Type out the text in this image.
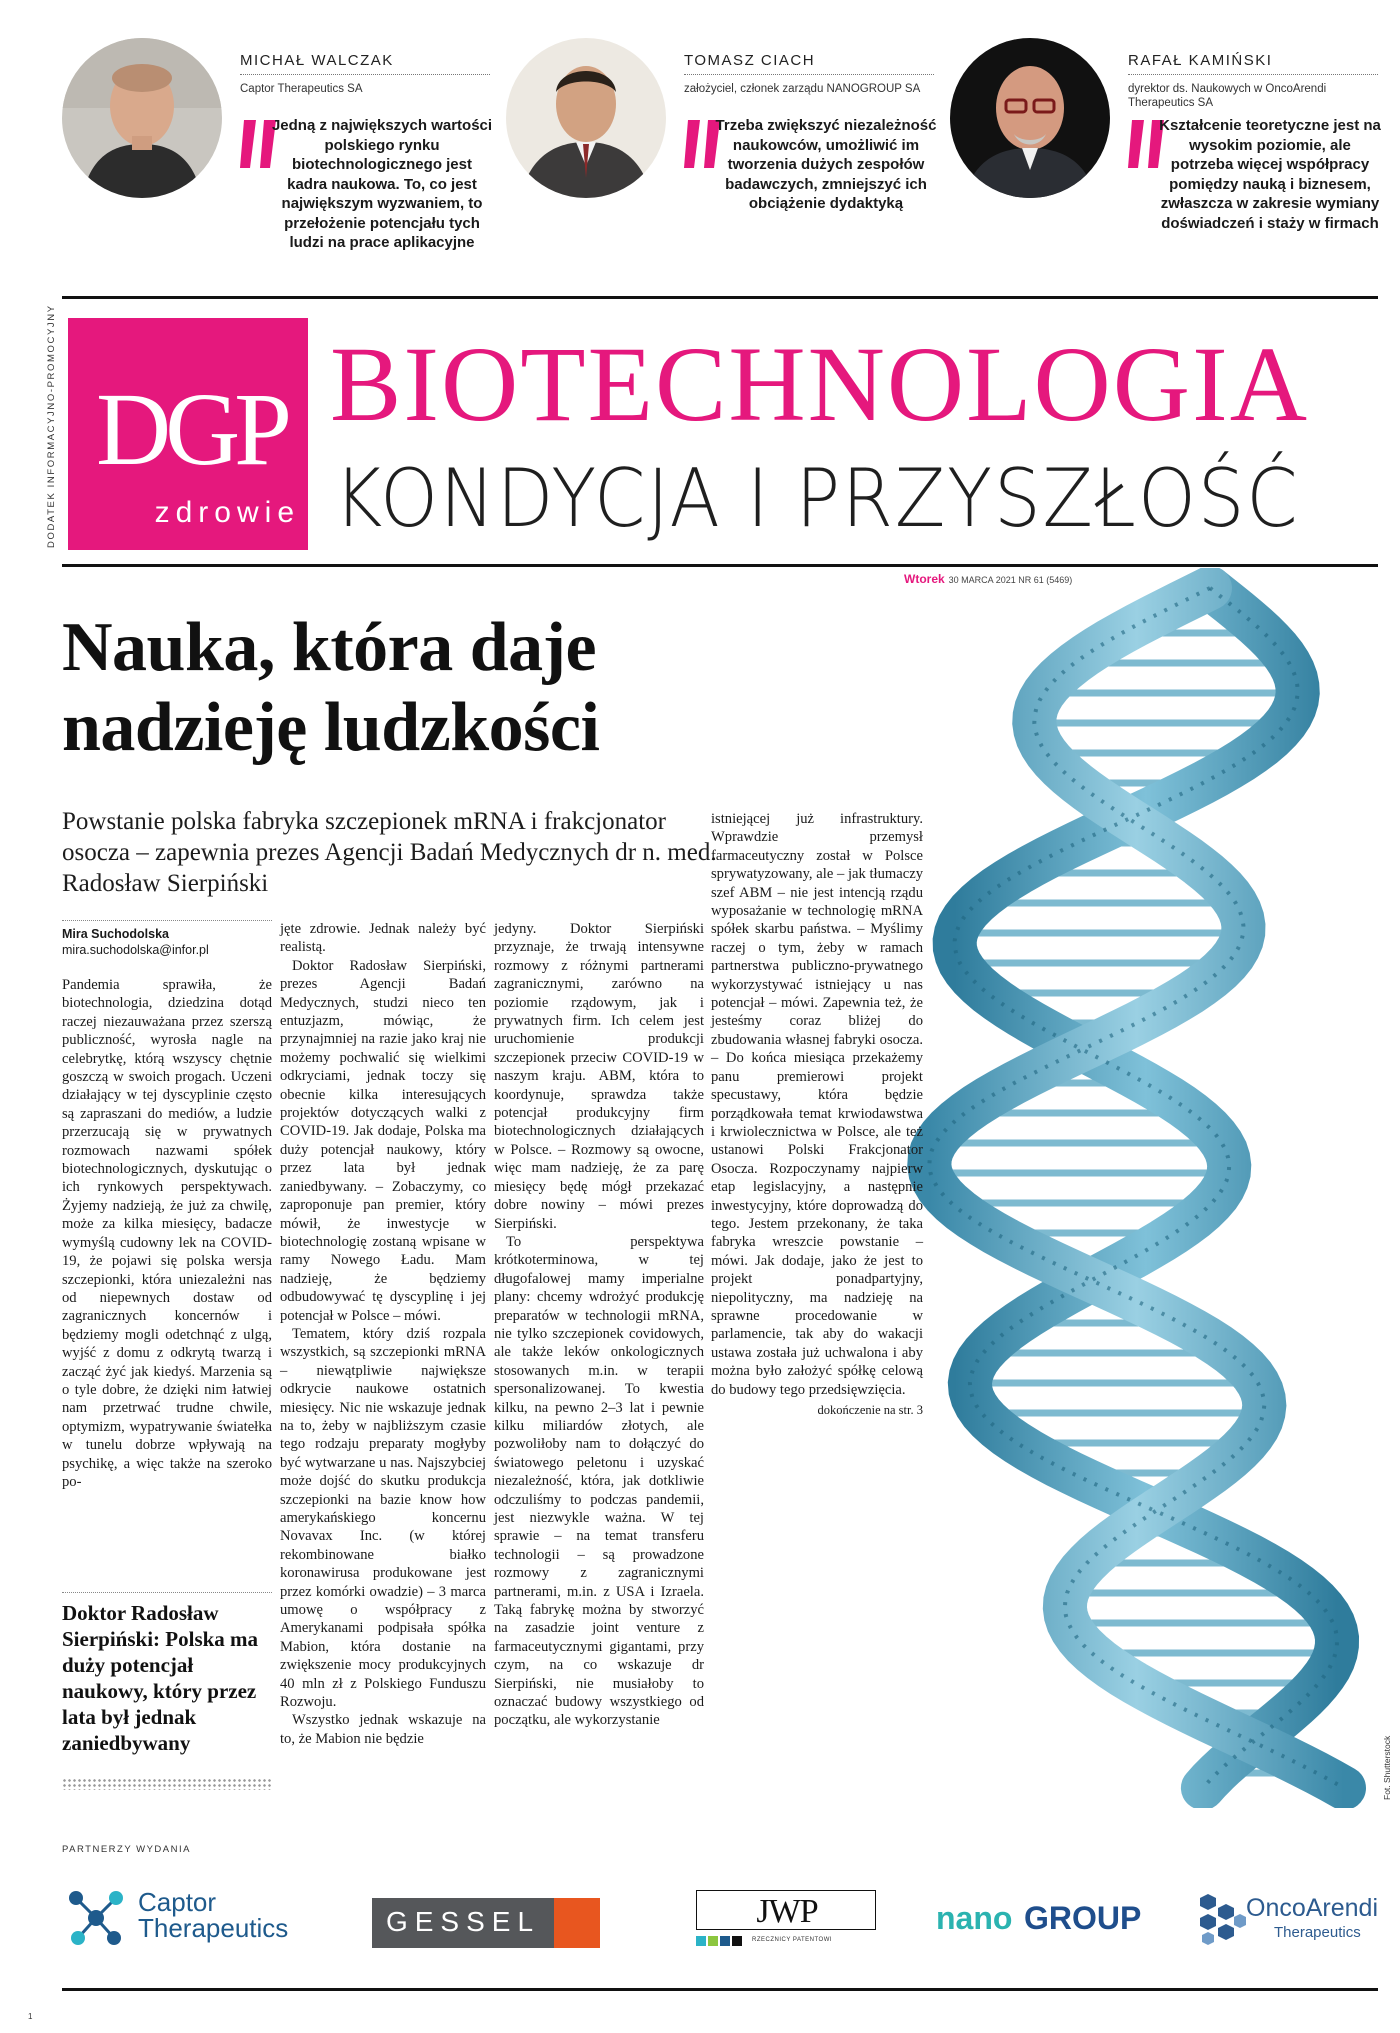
MICHAŁ WALCZAK
Captor Therapeutics SA
Jedną z największych wartości polskiego rynku biotechnologicznego jest kadra naukowa. To, co jest największym wyzwaniem, to przełożenie potencjału tych ludzi na prace aplikacyjne
TOMASZ CIACH
założyciel, członek zarządu NANOGROUP SA
Trzeba zwiększyć niezależność naukowców, umożliwić im tworzenia dużych zespołów badawczych, zmniejszyć ich obciążenie dydaktyką
RAFAŁ KAMIŃSKI
dyrektor ds. Naukowych w OncoArendi Therapeutics SA
Kształcenie teoretyczne jest na wysokim poziomie, ale potrzeba więcej współpracy pomiędzy nauką i biznesem, zwłaszcza w zakresie wymiany doświadczeń i staży w firmach
DODATEK INFORMACYJNO-PROMOCYJNY DGP
zdrowie
BIOTECHNOLOGIA
KONDYCJA I PRZYSZŁOŚĆ
Wtorek 30 MARCA 2021 NR 61 (5469)
Fot. Shutterstock
Nauka, która daje nadzieję ludzkości
Powstanie polska fabryka szczepionek mRNA i frakcjonator osocza – zapewnia prezes Agencji Badań Medycznych dr n. med. Radosław Sierpiński
Mira Suchodolska
mira.suchodolska@infor.pl

Pandemia sprawiła, że biotechnologia, dziedzina dotąd raczej niezauważana przez szerszą publiczność, wyrosła nagle na celebrytkę, którą wszyscy chętnie goszczą w swoich progach. Uczeni działający w tej dyscyplinie często są zapraszani do mediów, a ludzie przerzucają się w prywatnych rozmowach nazwami spółek biotechnologicznych, dyskutując o ich rynkowych perspektywach. Żyjemy nadzieją, że już za chwilę, może za kilka miesięcy, badacze wymyślą cudowny lek na COVID-19, że pojawi się polska wersja szczepionki, która uniezależni nas od niepewnych dostaw od zagranicznych koncernów i będziemy mogli odetchnąć z ulgą, wyjść z domu z odkrytą twarzą i zacząć żyć jak kiedyś. Marzenia są o tyle dobre, że dzięki nim łatwiej nam przetrwać trudne chwile, optymizm, wypatrywanie światełka w tunelu dobrze wpływają na psychikę, a więc także na szeroko po-

jęte zdrowie. Jednak należy być realistą.

Doktor Radosław Sierpiński, prezes Agencji Badań Medycznych, studzi nieco ten entuzjazm, mówiąc, że przynajmniej na razie jako kraj nie możemy pochwalić się wielkimi odkryciami, jednak toczy się obecnie kilka interesujących projektów dotyczących walki z COVID-19. Jak dodaje, Polska ma duży potencjał naukowy, który przez lata był jednak zaniedbywany. – Zobaczymy, co zaproponuje pan premier, który mówił, że inwestycje w biotechnologię zostaną wpisane w ramy Nowego Ładu. Mam nadzieję, że będziemy odbudowywać tę dyscyplinę i jej potencjał w Polsce – mówi.

Tematem, który dziś rozpala wszystkich, są szczepionki mRNA – niewątpliwie największe odkrycie naukowe ostatnich miesięcy. Nic nie wskazuje jednak na to, żeby w najbliższym czasie tego rodzaju preparaty mogłyby być wytwarzane u nas. Najszybciej może dojść do skutku produkcja szczepionki na bazie know how amerykańskiego koncernu Novavax Inc. (w której rekombinowane białko koronawirusa produkowane jest przez komórki owadzie) – 3 marca umowę o współpracy z Amerykanami podpisała spółka Mabion, która dostanie na zwiększenie mocy produkcyjnych 40 mln zł z Polskiego Funduszu Rozwoju.

Wszystko jednak wskazuje na to, że Mabion nie będzie

jedyny. Doktor Sierpiński przyznaje, że trwają intensywne rozmowy z różnymi partnerami zagranicznymi, zarówno na poziomie rządowym, jak i prywatnych firm. Ich celem jest uruchomienie produkcji szczepionek przeciw COVID-19 w naszym kraju. ABM, która to koordynuje, sprawdza także potencjał produkcyjny firm biotechnologicznych działających w Polsce. – Rozmowy są owocne, więc mam nadzieję, że za parę miesięcy będę mógł przekazać dobre nowiny – mówi prezes Sierpiński.

To perspektywa krótkoterminowa, w tej długofalowej mamy imperialne plany: chcemy wdrożyć produkcję preparatów w technologii mRNA, nie tylko szczepionek covidowych, ale także leków onkologicznych stosowanych m.in. w terapii spersonalizowanej. To kwestia kilku, na pewno 2–3 lat i pewnie kilku miliardów złotych, ale pozwoliłoby nam to dołączyć do światowego peletonu i uzyskać niezależność, która, jak dotkliwie odczuliśmy to podczas pandemii, jest niezwykle ważna. W tej sprawie – na temat transferu technologii – są prowadzone rozmowy z zagranicznymi partnerami, m.in. z USA i Izraela. Taką fabrykę można by stworzyć na zasadzie joint venture z farmaceutycznymi gigantami, przy czym, na co wskazuje dr Sierpiński, nie musiałoby to oznaczać budowy wszystkiego od początku, ale wykorzystanie

istniejącej już infrastruktury. Wprawdzie przemysł farmaceutyczny został w Polsce sprywatyzowany, ale – jak tłumaczy szef ABM – nie jest intencją rządu wyposażanie w technologię mRNA spółek skarbu państwa. – Myślimy raczej o tym, żeby w ramach partnerstwa publiczno-prywatnego wykorzystywać istniejący u nas potencjał – mówi. Zapewnia też, że jesteśmy coraz bliżej do zbudowania własnej fabryki osocza. – Do końca miesiąca przekażemy panu premierowi projekt specustawy, która będzie porządkowała temat krwiodawstwa i krwiolecznictwa w Polsce, ale też ustanowi Polski Frakcjonator Osocza. Rozpoczynamy najpierw etap legislacyjny, a następnie inwestycyjny, które doprowadzą do tego. Jestem przekonany, że taka fabryka wreszcie powstanie – mówi. Jak dodaje, jako że jest to projekt ponadpartyjny, niepolityczny, ma nadzieję na sprawne procedowanie w parlamencie, tak aby do wakacji ustawa została już uchwalona i aby można było założyć spółkę celową do budowy tego przedsięwzięcia.

dokończenie na str. 3
Doktor Radosław Sierpiński: Polska ma duży potencjał naukowy, który przez lata był jednak zaniedbywany
PARTNERZY WYDANIA
Captor
Therapeutics	GESSEL	JWP
RZECZNICY PATENTOWI
nano GROUP	OncoArendi
Therapeutics
1
